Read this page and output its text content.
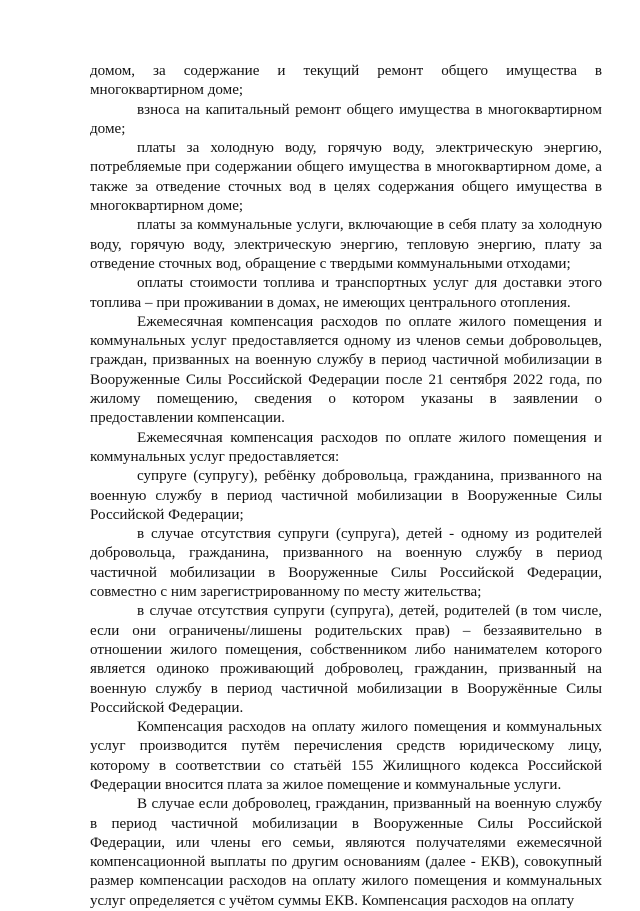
домом, за содержание и текущий ремонт общего имущества в многоквартирном доме;

взноса на капитальный ремонт общего имущества в многоквартирном доме;

платы за холодную воду, горячую воду, электрическую энергию, потребляемые при содержании общего имущества в многоквартирном доме, а также за отведение сточных вод в целях содержания общего имущества в многоквартирном доме;

платы за коммунальные услуги, включающие в себя плату за холодную воду, горячую воду, электрическую энергию, тепловую энергию, плату за отведение сточных вод, обращение с твердыми коммунальными отходами;

оплаты стоимости топлива и транспортных услуг для доставки этого топлива – при проживании в домах, не имеющих центрального отопления.

Ежемесячная компенсация расходов по оплате жилого помещения и коммунальных услуг предоставляется одному из членов семьи добровольцев, граждан, призванных на военную службу в период частичной мобилизации в Вооруженные Силы Российской Федерации после 21 сентября 2022 года, по жилому помещению, сведения о котором указаны в заявлении о предоставлении компенсации.

Ежемесячная компенсация расходов по оплате жилого помещения и коммунальных услуг предоставляется:

супруге (супругу), ребёнку добровольца, гражданина, призванного на военную службу в период частичной мобилизации в Вооруженные Силы Российской Федерации;

в случае отсутствия супруги (супруга), детей - одному из родителей добровольца, гражданина, призванного на военную службу в период частичной мобилизации в Вооруженные Силы Российской Федерации, совместно с ним зарегистрированному по месту жительства;

в случае отсутствия супруги (супруга), детей, родителей (в том числе, если они ограничены/лишены родительских прав) – беззаявительно в отношении жилого помещения, собственником либо нанимателем которого является одиноко проживающий доброволец, гражданин, призванный на военную службу в период частичной мобилизации в Вооружённые Силы Российской Федерации.

Компенсация расходов на оплату жилого помещения и коммунальных услуг производится путём перечисления средств юридическому лицу, которому в соответствии со статьёй 155 Жилищного кодекса Российской Федерации вносится плата за жилое помещение и коммунальные услуги.

В случае если доброволец, гражданин, призванный на военную службу в период частичной мобилизации в Вооруженные Силы Российской Федерации, или члены его семьи, являются получателями ежемесячной компенсационной выплаты по другим основаниям (далее - ЕКВ), совокупный размер компенсации расходов на оплату жилого помещения и коммунальных услуг определяется с учётом суммы ЕКВ. Компенсация расходов на оплату
